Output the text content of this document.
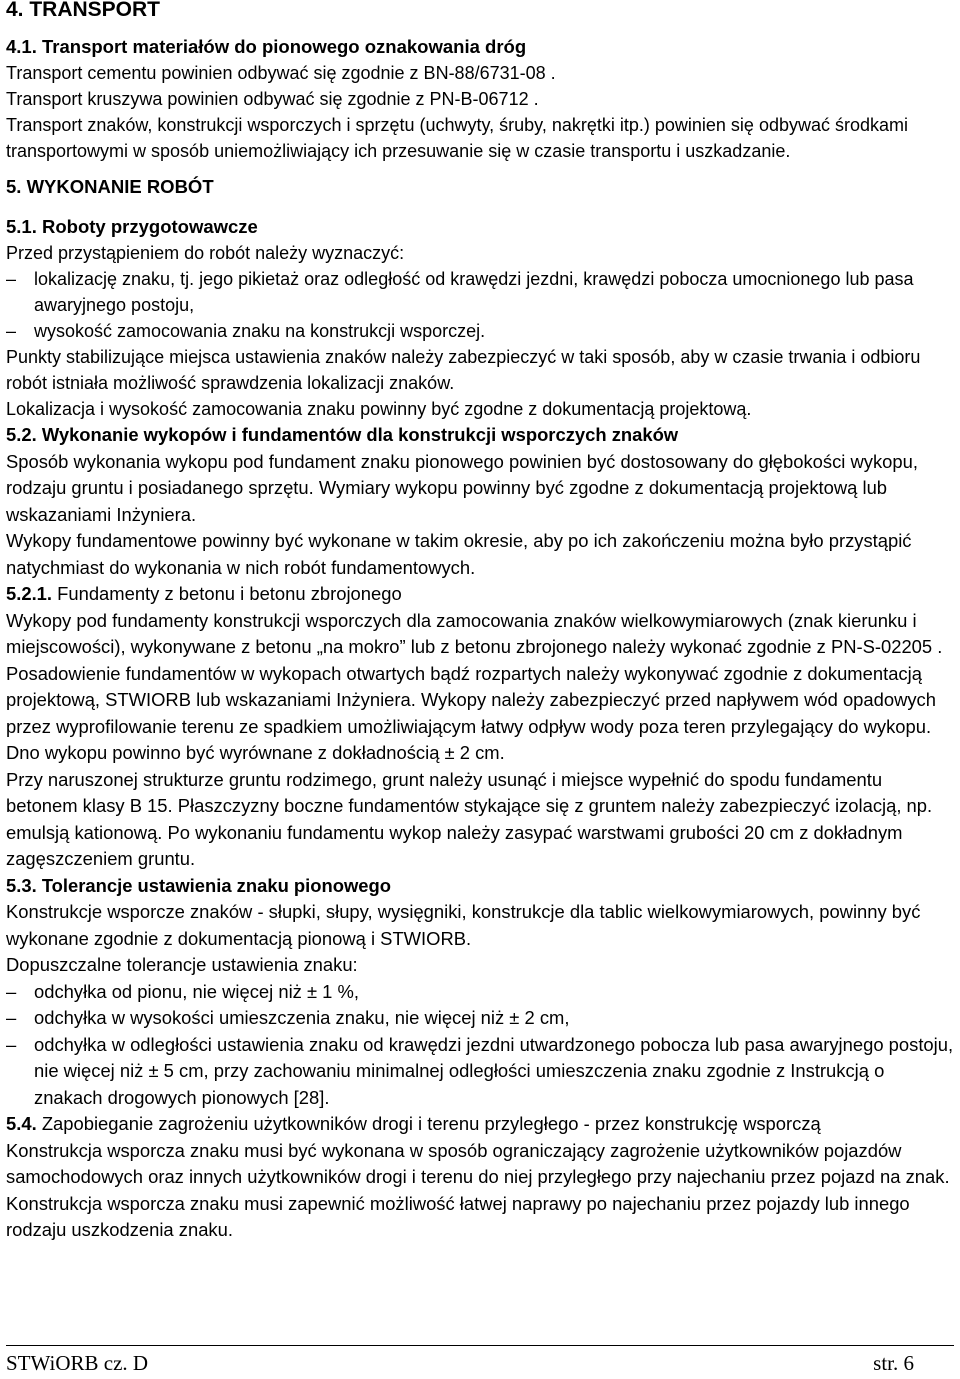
4. TRANSPORT
4.1. Transport materiałów do pionowego oznakowania dróg

Transport cementu powinien odbywać się zgodnie z BN-88/6731-08 .

Transport kruszywa powinien odbywać się zgodnie z PN-B-06712 .

Transport znaków, konstrukcji wsporczych i sprzętu (uchwyty, śruby, nakrętki itp.) powinien się odbywać środkami transportowymi w sposób uniemożliwiający ich przesuwanie się w czasie transportu i uszkadzanie.

5. WYKONANIE ROBÓT
5.1. Roboty przygotowawcze

Przed przystąpieniem do robót należy wyznaczyć:

– lokalizację znaku, tj. jego pikietaż oraz odległość od krawędzi jezdni, krawędzi pobocza umocnionego lub pasa awaryjnego postoju,
– wysokość zamocowania znaku na konstrukcji wsporczej.

Punkty stabilizujące miejsca ustawienia znaków należy zabezpieczyć w taki sposób, aby w czasie trwania i odbioru robót istniała możliwość sprawdzenia lokalizacji znaków.

Lokalizacja i wysokość zamocowania znaku powinny być zgodne z dokumentacją projektową.

5.2. Wykonanie wykopów i fundamentów dla konstrukcji wsporczych znaków

Sposób wykonania wykopu pod fundament znaku pionowego powinien być dostosowany do głębokości wykopu, rodzaju gruntu i posiadanego sprzętu. Wymiary wykopu powinny być zgodne z dokumentacją projektową lub wskazaniami Inżyniera.

Wykopy fundamentowe powinny być wykonane w takim okresie, aby po ich zakończeniu można było przystąpić natychmiast do wykonania w nich robót fundamentowych.

5.2.1. Fundamenty z betonu i betonu zbrojonego

Wykopy pod fundamenty konstrukcji wsporczych dla zamocowania znaków wielkowymiarowych (znak kierunku i miejscowości), wykonywane z betonu „na mokro” lub z betonu zbrojonego należy wykonać zgodnie z PN-S-02205 .

Posadowienie fundamentów w wykopach otwartych bądź rozpartych należy wykonywać zgodnie z dokumentacją projektową, STWIORB lub wskazaniami Inżyniera. Wykopy należy zabezpieczyć przed napływem wód opadowych przez wyprofilowanie terenu ze spadkiem umożliwiającym łatwy odpływ wody poza teren przylegający do wykopu. Dno wykopu powinno być wyrównane z dokładnością ± 2 cm.

Przy naruszonej strukturze gruntu rodzimego, grunt należy usunąć i miejsce wypełnić do spodu fundamentu betonem klasy B 15. Płaszczyzny boczne fundamentów stykające się z gruntem należy zabezpieczyć izolacją, np. emulsją kationową. Po wykonaniu fundamentu wykop należy zasypać warstwami grubości 20 cm z dokładnym zagęszczeniem gruntu.

5.3. Tolerancje ustawienia znaku pionowego

Konstrukcje wsporcze znaków - słupki, słupy, wysięgniki, konstrukcje dla tablic wielkowymiarowych, powinny być wykonane zgodnie z dokumentacją pionową i STWIORB.

Dopuszczalne tolerancje ustawienia znaku:

– odchyłka od pionu, nie więcej niż ± 1 %,
– odchyłka w wysokości umieszczenia znaku, nie więcej niż ± 2 cm,
– odchyłka w odległości ustawienia znaku od krawędzi jezdni utwardzonego pobocza lub pasa awaryjnego postoju, nie więcej niż ± 5 cm, przy zachowaniu minimalnej odległości umieszczenia znaku zgodnie z Instrukcją o znakach drogowych pionowych [28].
5.4. Zapobieganie zagrożeniu użytkowników drogi i terenu przyległego - przez konstrukcję wsporczą

Konstrukcja wsporcza znaku musi być wykonana w sposób ograniczający zagrożenie użytkowników pojazdów samochodowych oraz innych użytkowników drogi i terenu do niej przyległego przy najechaniu przez pojazd na znak. Konstrukcja wsporcza znaku musi zapewnić możliwość łatwej naprawy po najechaniu przez pojazdy lub innego rodzaju uszkodzenia znaku.

STWiORB cz. D	str. 6
